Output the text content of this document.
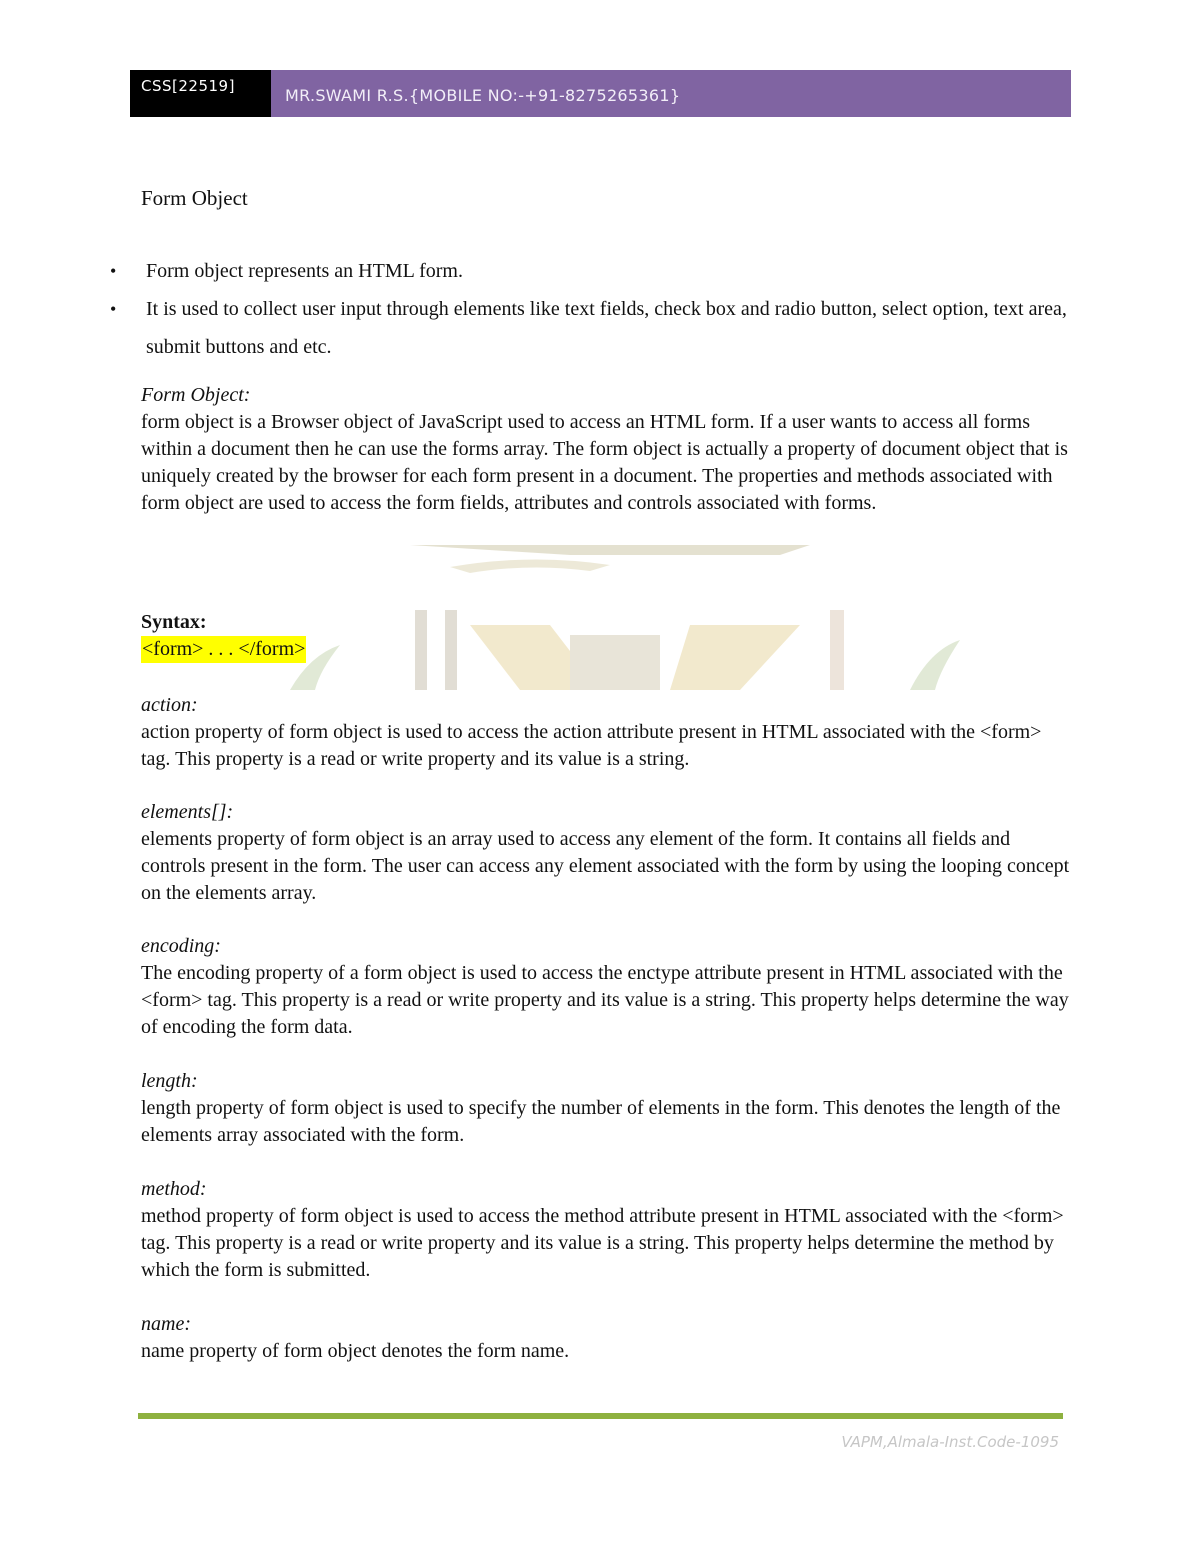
CSS[22519]	MR.SWAMI R.S.{MOBILE NO:-+91-8275265361}
Form Object
• Form object represents an HTML form.
• It is used to collect user input through elements like text fields, check box and radio button, select option, text area, submit buttons and etc.
Form Object:
form object is a Browser object of JavaScript used to access an HTML form. If a user wants to access all forms within a document then he can use the forms array. The form object is actually a property of document object that is uniquely created by the browser for each form present in a document. The properties and methods associated with form object are used to access the form fields, attributes and controls associated with forms.
Syntax:
<form> . . . </form>
action:
action property of form object is used to access the action attribute present in HTML associated with the <form> tag. This property is a read or write property and its value is a string.
elements[]:
elements property of form object is an array used to access any element of the form. It contains all fields and controls present in the form. The user can access any element associated with the form by using the looping concept on the elements array.
encoding:
The encoding property of a form object is used to access the enctype attribute present in HTML associated with the <form> tag. This property is a read or write property and its value is a string. This property helps determine the way of encoding the form data.
length:
length property of form object is used to specify the number of elements in the form. This denotes the length of the elements array associated with the form.
method:
method property of form object is used to access the method attribute present in HTML associated with the <form> tag. This property is a read or write property and its value is a string. This property helps determine the method by which the form is submitted.
name:
name property of form object denotes the form name.
VAPM,Almala-Inst.Code-1095
